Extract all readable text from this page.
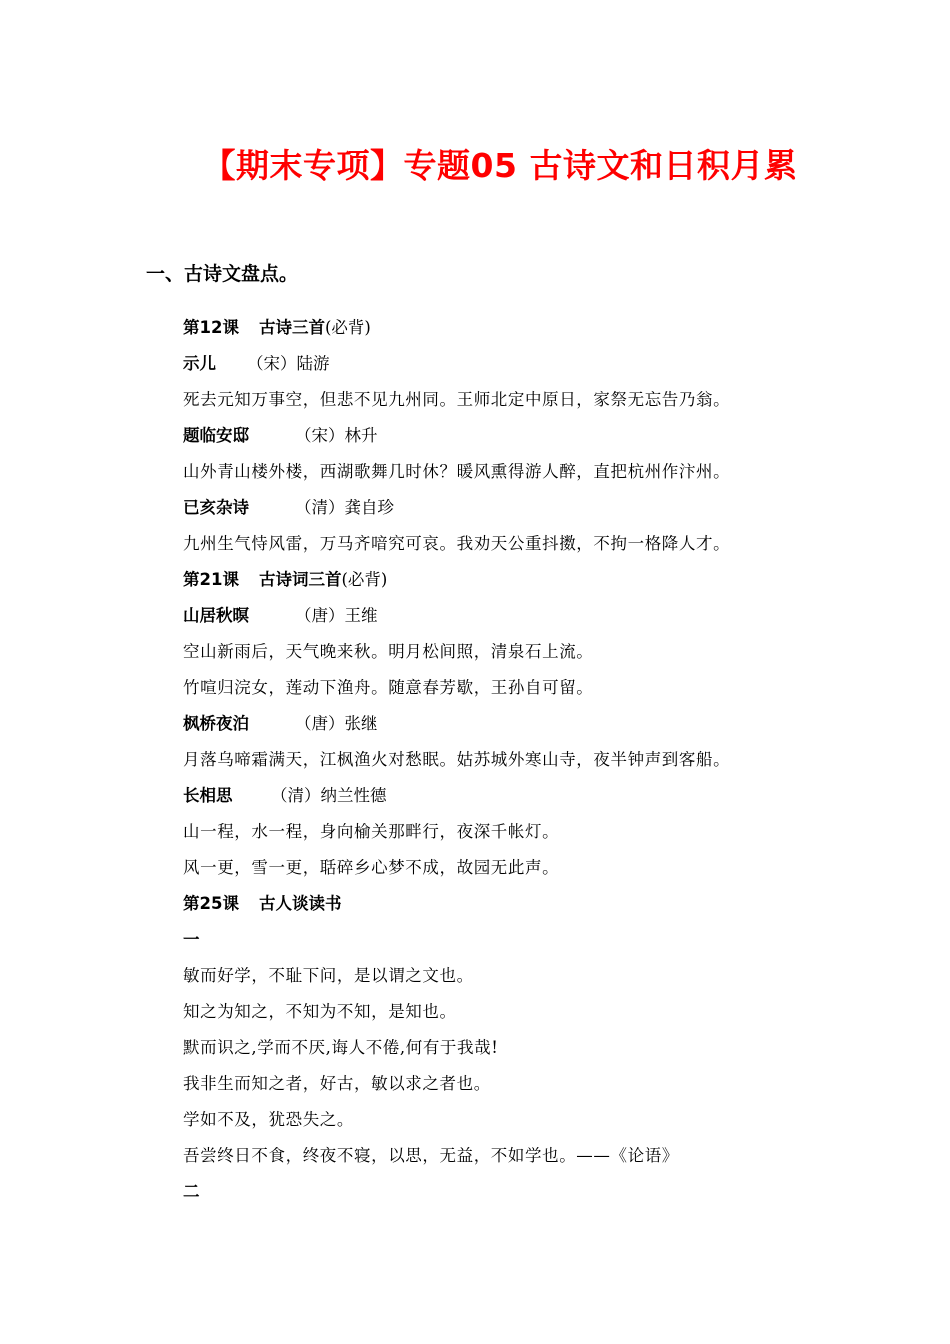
【期末专项】专题05 古诗文和日积月累
一、古诗文盘点。
第12课 古诗三首(必背)
示儿 （宋）陆游
死去元知万事空，但悲不见九州同。王师北定中原日，家祭无忘告乃翁。
题临安邸	（宋）林升
山外青山楼外楼，西湖歌舞几时休？暖风熏得游人醉，直把杭州作汴州。
已亥杂诗	（清）龚自珍
九州生气恃风雷，万马齐喑究可哀。我劝天公重抖擞，不拘一格降人才。
第21课 古诗词三首(必背)
山居秋暝	（唐）王维
空山新雨后，天气晚来秋。明月松间照，清泉石上流。
竹喧归浣女，莲动下渔舟。随意春芳歇，王孙自可留。
枫桥夜泊	（唐）张继
月落乌啼霜满天，江枫渔火对愁眠。姑苏城外寒山寺，夜半钟声到客船。
长相思 （清）纳兰性德
山一程，水一程，身向榆关那畔行，夜深千帐灯。
风一更，雪一更，聒碎乡心梦不成，故园无此声。
第25课 古人谈读书
一
敏而好学，不耻下问，是以谓之文也。
知之为知之，不知为不知，是知也。
默而识之,学而不厌,诲人不倦,何有于我哉!
我非生而知之者，好古，敏以求之者也。
学如不及，犹恐失之。
吾尝终日不食，终夜不寝，以思，无益，不如学也。——《论语》
二
